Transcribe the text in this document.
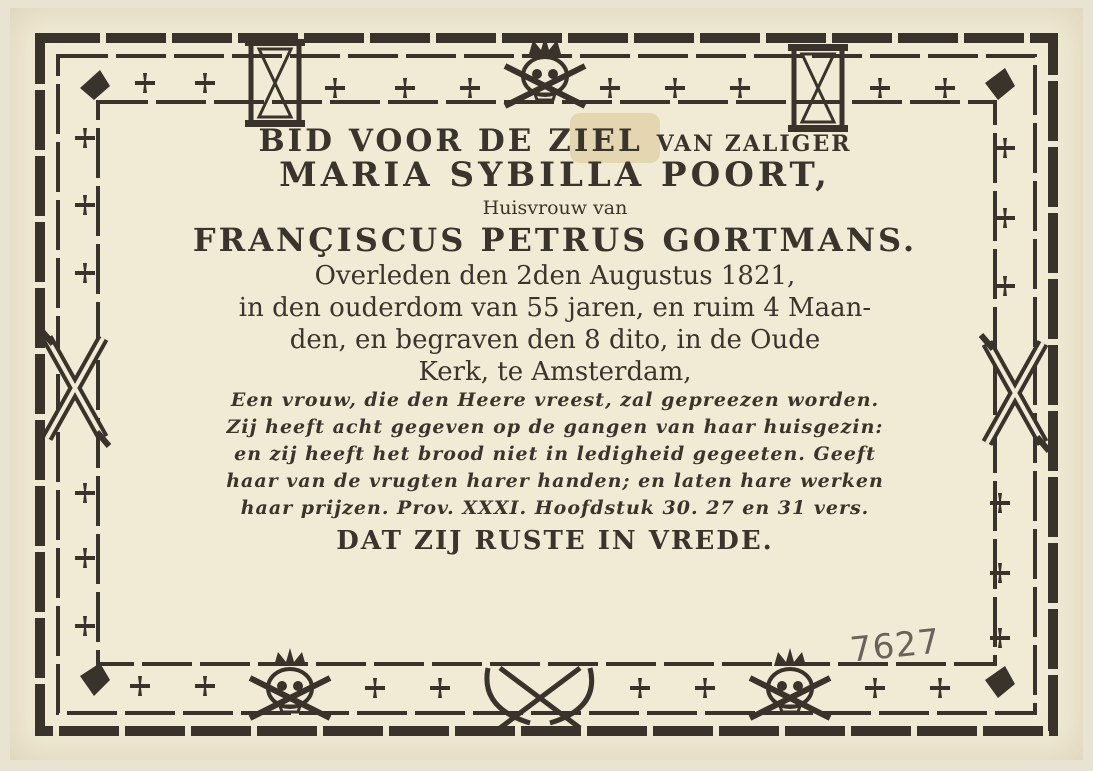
BID VOOR DE ZIEL VAN ZALIGER
MARIA SYBILLA POORT,
Huisvrouw van
FRANÇISCUS PETRUS GORTMANS.
Overleden den 2den Augustus 1821,
in den ouderdom van 55 jaren, en ruim 4 Maan-
den, en begraven den 8 dito, in de Oude
Kerk, te Amsterdam,
Een vrouw, die den Heere vreest, zal gepreezen worden.
Zij heeft acht gegeven op de gangen van haar huisgezin:
en zij heeft het brood niet in ledigheid gegeeten. Geeft
haar van de vrugten harer handen; en laten hare werken
haar prijzen. Prov. XXXI. Hoofdstuk 30. 27 en 31 vers.
DAT ZIJ RUSTE IN VREDE.
7627
